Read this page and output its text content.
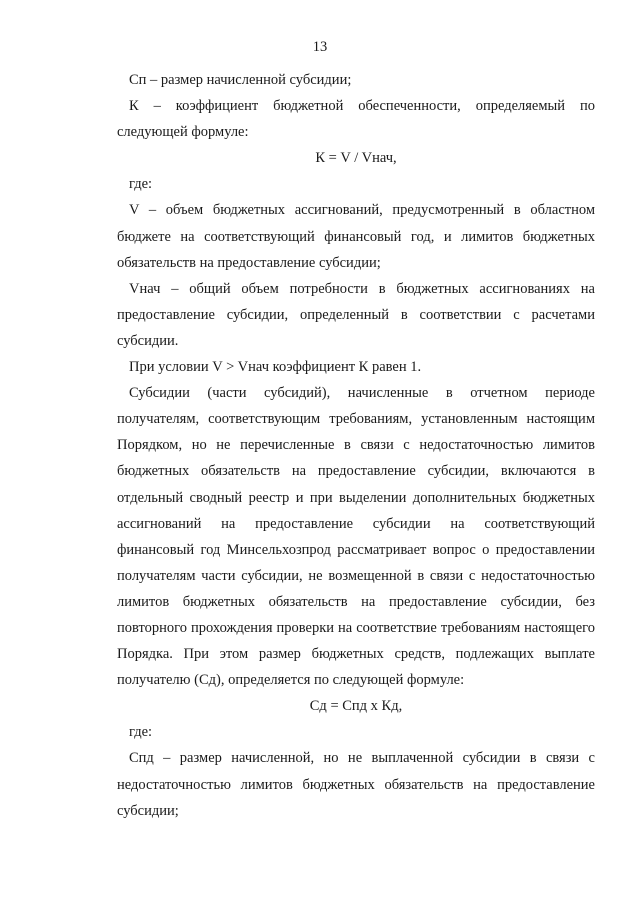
13

Сп – размер начисленной субсидии;

К – коэффициент бюджетной обеспеченности, определяемый по следующей формуле:

К = V / Vнач,

где:

V – объем бюджетных ассигнований, предусмотренный в областном бюджете на соответствующий финансовый год, и лимитов бюджетных обязательств на предоставление субсидии;

Vнач – общий объем потребности в бюджетных ассигнованиях на предоставление субсидии, определенный в соответствии с расчетами субсидии.

При условии V > Vнач коэффициент К равен 1.

Субсидии (части субсидий), начисленные в отчетном периоде получателям, соответствующим требованиям, установленным настоящим Порядком, но не перечисленные в связи с недостаточностью лимитов бюджетных обязательств на предоставление субсидии, включаются в отдельный сводный реестр и при выделении дополнительных бюджетных ассигнований на предоставление субсидии на соответствующий финансовый год Минсельхозпрод рассматривает вопрос о предоставлении получателям части субсидии, не возмещенной в связи с недостаточностью лимитов бюджетных обязательств на предоставление субсидии, без повторного прохождения проверки на соответствие требованиям настоящего Порядка. При этом размер бюджетных средств, подлежащих выплате получателю (Сд), определяется по следующей формуле:

Сд = Спд х Кд,

где:

Спд – размер начисленной, но не выплаченной субсидии в связи с недостаточностью лимитов бюджетных обязательств на предоставление субсидии;
